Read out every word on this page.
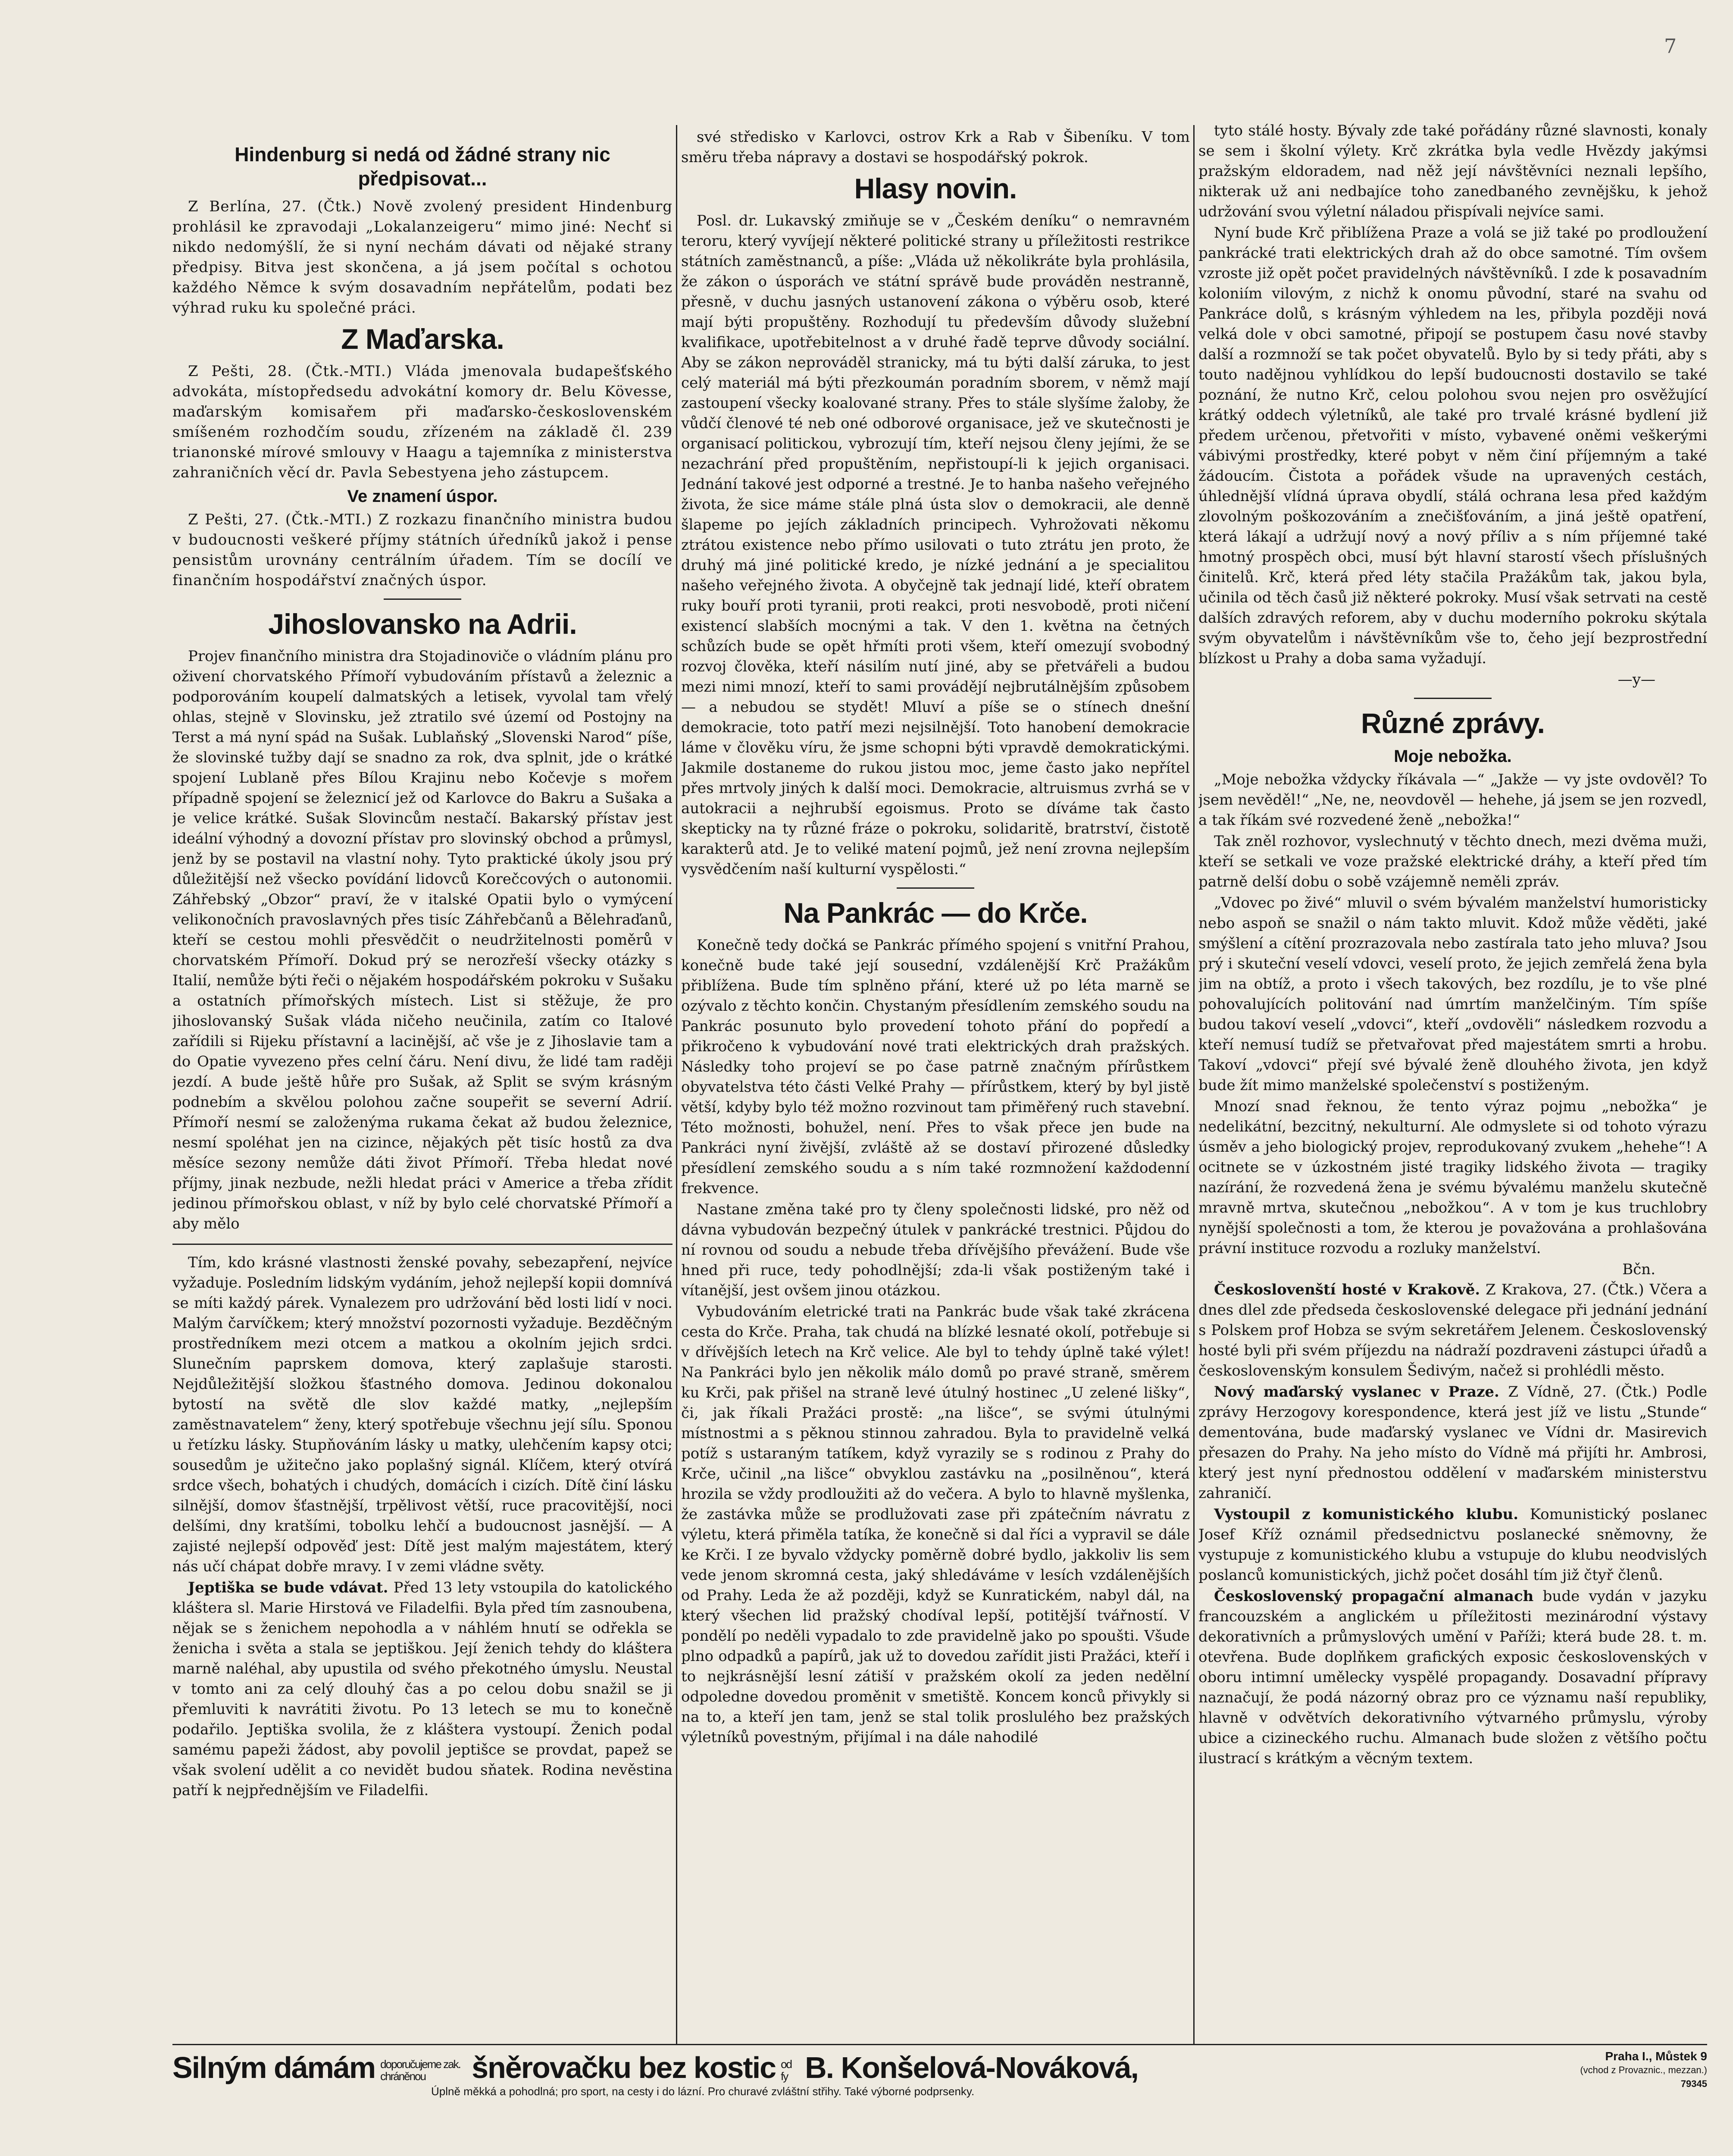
7
Hindenburg si nedá od žádné strany nic předpisovat...

Z Berlína, 27. (Čtk.) Nově zvolený president Hindenburg prohlásil ke zpravodaji „Lokalanzeigeru“ mimo jiné: Nechť si nikdo nedomýšlí, že si nyní nechám dávati od nějaké strany předpisy. Bitva jest skončena, a já jsem počítal s ochotou každého Němce k svým dosavadním nepřátelům, podati bez výhrad ruku ku společné práci.

Z Maďarska.

Z Pešti, 28. (Čtk.-MTI.) Vláda jmenovala budapešťského advokáta, místopředsedu advokátní komory dr. Belu Kövesse, maďarským komisařem při maďarsko-československém smíšeném rozhodčím soudu, zřízeném na základě čl. 239 trianonské mírové smlouvy v Haagu a tajemníka z ministerstva zahraničních věcí dr. Pavla Sebestyena jeho zástupcem.

Ve znamení úspor.

Z Pešti, 27. (Čtk.-MTI.) Z rozkazu finančního ministra budou v budoucnosti veškeré příjmy státních úředníků jakož i pense pensistům urovnány centrálním úřadem. Tím se docílí ve finančním hospodářství značných úspor.

Jihoslovansko na Adrii.

Projev finančního ministra dra Stojadinoviče o vládním plánu pro oživení chorvatského Přímoří vybudováním přístavů a železnic a podporováním koupelí dalmatských a letisek, vyvolal tam vřelý ohlas, stejně v Slovinsku, jež ztratilo své území od Postojny na Terst a má nyní spád na Sušak. Lublaňský „Slovenski Narod“ píše, že slovinské tužby dají se snadno za rok, dva splnit, jde o krátké spojení Lublaně přes Bílou Krajinu nebo Kočevje s mořem případně spojení se železnicí jež od Karlovce do Bakru a Sušaka a je velice krátké. Sušak Slovincům nestačí. Bakarský přístav jest ideální výhodný a dovozní přístav pro slovinský obchod a průmysl, jenž by se postavil na vlastní nohy. Tyto praktické úkoly jsou prý důležitější než všecko povídání lidovců Korečcových o autonomii. Záhřebský „Obzor“ praví, že v italské Opatii bylo o vymýcení velikonočních pravoslavných přes tisíc Záhřebčanů a Bělehraďanů, kteří se cestou mohli přesvědčit o neudržitelnosti poměrů v chorvatském Přímoří. Dokud prý se nerozřeší všecky otázky s Italií, nemůže býti řeči o nějakém hospodářském pokroku v Sušaku a ostatních přímořských místech. List si stěžuje, že pro jihoslovanský Sušak vláda ničeho neučinila, zatím co Italové zařídili si Rijeku přístavní a lacinější, ač vše je z Jihoslavie tam a do Opatie vyvezeno přes celní čáru. Není divu, že lidé tam raději jezdí. A bude ještě hůře pro Sušak, až Split se svým krásným podnebím a skvělou polohou začne soupeřit se severní Adrií. Přímoří nesmí se založenýma rukama čekat až budou železnice, nesmí spoléhat jen na cizince, nějakých pět tisíc hostů za dva měsíce sezony nemůže dáti život Přímoří. Třeba hledat nové příjmy, jinak nezbude, nežli hledat práci v Americe a třeba zřídit jedinou přímořskou oblast, v níž by bylo celé chorvatské Přímoří a aby mělo

Tím, kdo krásné vlastnosti ženské povahy, sebezapření, nejvíce vyžaduje. Posledním lidským vydáním, jehož nejlepší kopii domnívá se míti každý párek. Vynalezem pro udržování běd losti lidí v noci. Malým čarvíčkem; který množství pozornosti vyžaduje. Bezděčným prostředníkem mezi otcem a matkou a okolním jejich srdci. Slunečním paprskem domova, který zaplašuje starosti. Nejdůležitější složkou šťastného domova. Jedinou dokonalou bytostí na světě dle slov každé matky, „nejlepším zaměstnavatelem“ ženy, který spotřebuje všechnu její sílu. Sponou u řetízku lásky. Stupňováním lásky u matky, ulehčením kapsy otci; sousedům je užitečno jako poplašný signál. Klíčem, který otvírá srdce všech, bohatých i chudých, domácích i cizích. Dítě činí lásku silnější, domov šťastnější, trpělivost větší, ruce pracovitější, noci delšími, dny kratšími, tobolku lehčí a budoucnost jasnější. — A zajisté nejlepší odpověď jest: Dítě jest malým majestátem, který nás učí chápat dobře mravy. I v zemi vládne světy.

Jeptiška se bude vdávat. Před 13 lety vstoupila do katolického kláštera sl. Marie Hirstová ve Filadelfii. Byla před tím zasnoubena, nějak se s ženichem nepohodla a v náhlém hnutí se odřekla se ženicha i světa a stala se jeptiškou. Její ženich tehdy do kláštera marně naléhal, aby upustila od svého překotného úmyslu. Neustal v tomto ani za celý dlouhý čas a po celou dobu snažil se ji přemluviti k navrátiti životu. Po 13 letech se mu to konečně podařilo. Jeptiška svolila, že z kláštera vystoupí. Ženich podal samému papeži žádost, aby povolil jeptišce se provdat, papež se však svolení udělit a co nevidět budou sňatek. Rodina nevěstina patří k nejpřednějším ve Filadelfii.

své středisko v Karlovci, ostrov Krk a Rab v Šibeníku. V tom směru třeba nápravy a dostavi se hospodářský pokrok.

Hlasy novin.

Posl. dr. Lukavský zmiňuje se v „Českém deníku“ o nemravném teroru, který vyvíjejí některé politické strany u příležitosti restrikce státních zaměstnanců, a píše: „Vláda už několikráte byla prohlásila, že zákon o úsporách ve státní správě bude prováděn nestranně, přesně, v duchu jasných ustanovení zákona o výběru osob, které mají býti propuštěny. Rozhodují tu především důvody služební kvalifikace, upotřebitelnost a v druhé řadě teprve důvody sociální. Aby se zákon neprováděl stranicky, má tu býti další záruka, to jest celý materiál má býti přezkoumán poradním sborem, v němž mají zastoupení všecky koalované strany. Přes to stále slyšíme žaloby, že vůdčí členové té neb oné odborové organisace, jež ve skutečnosti je organisací politickou, vybrozují tím, kteří nejsou členy jejími, že se nezachrání před propuštěním, nepřistoupí-li k jejich organisaci. Jednání takové jest odporné a trestné. Je to hanba našeho veřejného života, že sice máme stále plná ústa slov o demokracii, ale denně šlapeme po jejích základních principech. Vyhrožovati někomu ztrátou existence nebo přímo usilovati o tuto ztrátu jen proto, že druhý má jiné politické kredo, je nízké jednání a je specialitou našeho veřejného života. A obyčejně tak jednají lidé, kteří obratem ruky bouří proti tyranii, proti reakci, proti nesvobodě, proti ničení existencí slabších mocnými a tak. V den 1. května na četných schůzích bude se opět hřmíti proti všem, kteří omezují svobodný rozvoj člověka, kteří násilím nutí jiné, aby se přetvářeli a budou mezi nimi mnozí, kteří to sami provádějí nejbrutálnějším způsobem — a nebudou se stydět! Mluví a píše se o stínech dnešní demokracie, toto patří mezi nejsilnější. Toto hanobení demokracie láme v člověku víru, že jsme schopni býti vpravdě demokratickými. Jakmile dostaneme do rukou jistou moc, jeme často jako nepřítel přes mrtvoly jiných k další moci. Demokracie, altruismus zvrhá se v autokracii a nejhrubší egoismus. Proto se díváme tak často skepticky na ty různé fráze o pokroku, solidaritě, bratrství, čistotě karakterů atd. Je to veliké matení pojmů, jež není zrovna nejlepším vysvědčením naší kulturní vyspělosti.“

Na Pankrác — do Krče.

Konečně tedy dočká se Pankrác přímého spojení s vnitřní Prahou, konečně bude také její sousední, vzdálenější Krč Pražákům přiblížena. Bude tím splněno přání, které už po léta marně se ozývalo z těchto končin. Chystaným přesídlením zemského soudu na Pankrác posunuto bylo provedení tohoto přání do popředí a přikročeno k vybudování nové trati elektrických drah pražských. Následky toho projeví se po čase patrně značným přírůstkem obyvatelstva této části Velké Prahy — přírůstkem, který by byl jistě větší, kdyby bylo též možno rozvinout tam přiměřený ruch stavební. Této možnosti, bohužel, není. Přes to však přece jen bude na Pankráci nyní živější, zvláště až se dostaví přirozené důsledky přesídlení zemského soudu a s ním také rozmnožení každodenní frekvence.

Nastane změna také pro ty členy společnosti lidské, pro něž od dávna vybudován bezpečný útulek v pankrácké trestnici. Půjdou do ní rovnou od soudu a nebude třeba dřívějšího převážení. Bude vše hned při ruce, tedy pohodlnější; zda-li však postiženým také i vítanější, jest ovšem jinou otázkou.

Vybudováním eletrické trati na Pankrác bude však také zkrácena cesta do Krče. Praha, tak chudá na blízké lesnaté okolí, potřebuje si v dřívějších letech na Krč velice. Ale byl to tehdy úplně také výlet! Na Pankráci bylo jen několik málo domů po pravé straně, směrem ku Krči, pak přišel na straně levé útulný hostinec „U zelené lišky“, či, jak říkali Pražáci prostě: „na lišce“, se svými útulnými místnostmi a s pěknou stinnou zahradou. Byla to pravidelně velká potíž s ustaraným tatíkem, když vyrazily se s rodinou z Prahy do Krče, učinil „na lišce“ obvyklou zastávku na „posilněnou“, která hrozila se vždy prodloužiti až do večera. A bylo to hlavně myšlenka, že zastávka může se prodlužovati zase při zpátečním návratu z výletu, která přiměla tatíka, že konečně si dal říci a vypravil se dále ke Krči. I ze byvalo vždycky poměrně dobré bydlo, jakkoliv lis sem vede jenom skromná cesta, jaký shledáváme v lesích vzdálenějších od Prahy. Leda že až později, když se Kunratickém, nabyl dál, na který všechen lid pražský chodíval lepší, potitější tvářností. V pondělí po neděli vypadalo to zde pravidelně jako po spoušti. Všude plno odpadků a papírů, jak už to dovedou zařídit jisti Pražáci, kteří i to nejkrásnější lesní zátiší v pražském okolí za jeden nedělní odpoledne dovedou proměnit v smetiště. Koncem konců přivykly si na to, a kteří jen tam, jenž se stal tolik proslulého bez pražských výletníků povestným, přijímal i na dále nahodilé

tyto stálé hosty. Bývaly zde také pořádány různé slavnosti, konaly se sem i školní výlety. Krč zkrátka byla vedle Hvězdy jakýmsi pražským eldoradem, nad něž její návštěvníci neznali lepšího, nikterak už ani nedbajíce toho zanedbaného zevnějšku, k jehož udržování svou výletní náladou přispívali nejvíce sami.

Nyní bude Krč přiblížena Praze a volá se již také po prodloužení pankrácké trati elektrických drah až do obce samotné. Tím ovšem vzroste již opět počet pravidelných návštěvníků. I zde k posavadním koloniím vilovým, z nichž k onomu původní, staré na svahu od Pankráce dolů, s krásným výhledem na les, přibyla později nová velká dole v obci samotné, připojí se postupem času nové stavby další a rozmnoží se tak počet obyvatelů. Bylo by si tedy přáti, aby s touto nadějnou vyhlídkou do lepší budoucnosti dostavilo se také poznání, že nutno Krč, celou polohou svou nejen pro osvěžující krátký oddech výletníků, ale také pro trvalé krásné bydlení již předem určenou, přetvořiti v místo, vybavené oněmi veškerými vábivými prostředky, které pobyt v něm činí příjemným a také žádoucím. Čistota a pořádek všude na upravených cestách, úhlednější vlídná úprava obydlí, stálá ochrana lesa před každým zlovolným poškozováním a znečišťováním, a jiná ještě opatření, která lákají a udržují nový a nový příliv a s ním příjemné také hmotný prospěch obci, musí být hlavní starostí všech příslušných činitelů. Krč, která před léty stačila Pražákům tak, jakou byla, učinila od těch časů již některé pokroky. Musí však setrvati na cestě dalších zdravých reforem, aby v duchu moderního pokroku skýtala svým obyvatelům i návštěvníkům vše to, čeho její bezprostřední blízkost u Prahy a doba sama vyžadují.

—y—
Různé zprávy.
Moje nebožka.

„Moje nebožka vždycky říkávala —“ „Jakže — vy jste ovdověl? To jsem nevěděl!“ „Ne, ne, neovdověl — hehehe, já jsem se jen rozvedl, a tak říkám své rozvedené ženě „nebožka!“

Tak zněl rozhovor, vyslechnutý v těchto dnech, mezi dvěma muži, kteří se setkali ve voze pražské elektrické dráhy, a kteří před tím patrně delší dobu o sobě vzájemně neměli zpráv.

„Vdovec po živé“ mluvil o svém bývalém manželství humoristicky nebo aspoň se snažil o nám takto mluvit. Kdož může věděti, jaké smýšlení a cítění prozrazovala nebo zastírala tato jeho mluva? Jsou prý i skuteční veselí vdovci, veselí proto, že jejich zemřelá žena byla jim na obtíž, a proto i všech takových, bez rozdílu, je to vše plné pohovalujících politování nad úmrtím manželčiným. Tím spíše budou takoví veselí „vdovci“, kteří „ovdověli“ následkem rozvodu a kteří nemusí tudíž se přetvařovat před majestátem smrti a hrobu. Takoví „vdovci“ přejí své bývalé ženě dlouhého života, jen když bude žít mimo manželské společenství s postiženým.

Mnozí snad řeknou, že tento výraz pojmu „nebožka“ je nedelikátní, bezcitný, nekulturní. Ale odmyslete si od tohoto výrazu úsměv a jeho biologický projev, reprodukovaný zvukem „hehehe“! A ocitnete se v úzkostném jisté tragiky lidského života — tragiky nazírání, že rozvedená žena je svému bývalému manželu skutečně mravně mrtva, skutečnou „nebožkou“. A v tom je kus truchlobry nynější společnosti a tom, že kterou je považována a prohlašována právní instituce rozvodu a rozluky manželství.

Bčn.

Českoslovenští hosté v Krakově. Z Krakova, 27. (Čtk.) Včera a dnes dlel zde předseda československé delegace při jednání jednání s Polskem prof Hobza se svým sekretářem Jelenem. Československý hosté byli při svém příjezdu na nádraží pozdraveni zástupci úřadů a československým konsulem Šedivým, načež si prohlédli město.

Nový maďarský vyslanec v Praze. Z Vídně, 27. (Čtk.) Podle zprávy Herzogovy korespondence, která jest jíž ve listu „Stunde“ dementována, bude maďarský vyslanec ve Vídni dr. Masirevich přesazen do Prahy. Na jeho místo do Vídně má přijíti hr. Ambrosi, který jest nyní přednostou oddělení v maďarském ministerstvu zahraničí.

Vystoupil z komunistického klubu. Komunistický poslanec Josef Kříž oznámil předsednictvu poslanecké sněmovny, že vystupuje z komunistického klubu a vstupuje do klubu neodvislých poslanců komunistických, jichž počet dosáhl tím již čtyř členů.

Československý propagační almanach bude vydán v jazyku francouzském a anglickém u příležitosti mezinárodní výstavy dekorativních a průmyslových umění v Paříži; která bude 28. t. m. otevřena. Bude doplňkem grafických exposic československých v oboru intimní umělecky vyspělé propagandy. Dosavadní přípravy naznačují, že podá názorný obraz pro ce významu naší republiky, hlavně v odvětvích dekorativního výtvarného průmyslu, výroby ubice a cizineckého ruchu. Almanach bude složen z většího počtu ilustrací s krátkým a věcným textem.

Silným dámám doporučujeme zak. chráněnou šněrovačku bez kostic od fy B. Konšelová-Nováková,	Praha I., Můstek 9
(vchod z Provaznic., mezzan.)
79345
Úplně měkká a pohodlná; pro sport, na cesty i do lázní. Pro churavé zvláštní střihy. Také výborné podprsenky.
